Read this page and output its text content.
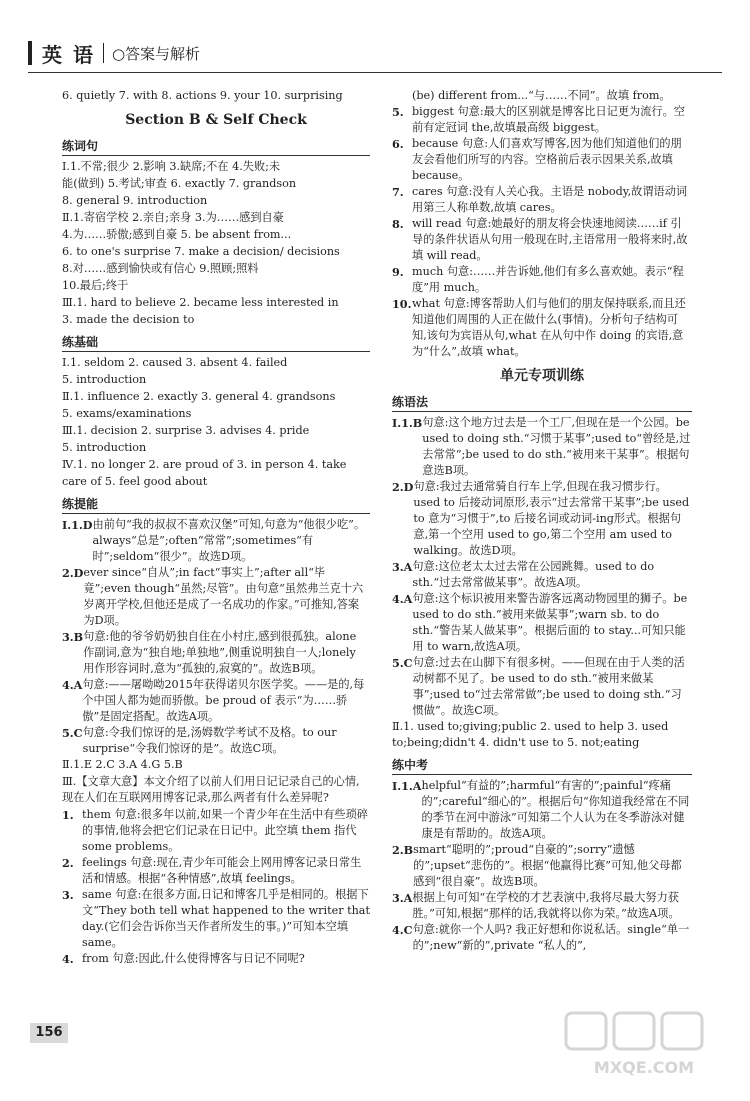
英 语 ○答案与解析

6. quietly 7. with 8. actions 9. your 10. surprising

Section B & Self Check
练词句

Ⅰ.1.不常;很少 2.影响 3.缺席;不在 4.失败;未

能(做到) 5.考试;审查 6. exactly 7. grandson

8. general 9. introduction

Ⅱ.1.寄宿学校 2.亲自;亲身 3.为……感到自豪

4.为……骄傲;感到自豪 5. be absent from...

6. to one's surprise 7. make a decision/ decisions

8.对……感到愉快或有信心 9.照顾;照料

10.最后;终于

Ⅲ.1. hard to believe 2. became less interested in

3. made the decision to

练基础

Ⅰ.1. seldom 2. caused 3. absent 4. failed

5. introduction

Ⅱ.1. influence 2. exactly 3. general 4. grandsons

5. exams/examinations

Ⅲ.1. decision 2. surprise 3. advises 4. pride

5. introduction

Ⅳ.1. no longer 2. are proud of 3. in person 4. take

care of 5. feel good about

练提能
Ⅰ.1.D 由前句“我的叔叔不喜欢汉堡”可知,句意为“他很少吃”。always“总是”;often“常常”;sometimes“有时”;seldom“很少”。故选D项。
2.D ever since“自从”;in fact“事实上”;after all“毕竟”;even though“虽然;尽管”。由句意“虽然弗兰克十六岁离开学校,但他还是成了一名成功的作家。”可推知,答案为D项。
3.B 句意:他的爷爷奶奶独自住在小村庄,感到很孤独。alone 作副词,意为“独自地;单独地”,侧重说明独自一人;lonely 用作形容词时,意为“孤独的,寂寞的”。故选B项。
4.A 句意:——屠呦呦2015年获得诺贝尔医学奖。——是的,每个中国人都为她而骄傲。be proud of 表示“为……骄傲”是固定搭配。故选A项。
5.C 句意:令我们惊讶的是,汤姆数学考试不及格。to our surprise“令我们惊讶的是”。故选C项。

Ⅱ.1.E 2.C 3.A 4.G 5.B

Ⅲ.【文章大意】本文介绍了以前人们用日记记录自己的心情,现在人们在互联网用博客记录,那么两者有什么差异呢?

1. them 句意:很多年以前,如果一个青少年在生活中有些琐碎的事情,他将会把它们记录在日记中。此空填 them 指代 some problems。
2. feelings 句意:现在,青少年可能会上网用博客记录日常生活和情感。根据“各种情感”,故填 feelings。
3. same 句意:在很多方面,日记和博客几乎是相同的。根据下文“They both tell what happened to the writer that day.(它们会告诉你当天作者所发生的事。)”可知本空填 same。
4. from 句意:因此,什么使得博客与日记不同呢?
(be) different from...“与……不同”。故填 from。
5. biggest 句意:最大的区别就是博客比日记更为流行。空前有定冠词 the,故填最高级 biggest。
6. because 句意:人们喜欢写博客,因为他们知道他们的朋友会看他们所写的内容。空格前后表示因果关系,故填 because。
7. cares 句意:没有人关心我。主语是 nobody,故谓语动词用第三人称单数,故填 cares。
8. will read 句意:她最好的朋友将会快速地阅读……if 引导的条件状语从句用一般现在时,主语常用一般将来时,故填 will read。
9. much 句意:……并告诉她,他们有多么喜欢她。表示“程度”用 much。
10. what 句意:博客帮助人们与他们的朋友保持联系,而且还知道他们周围的人正在做什么(事情)。分析句子结构可知,该句为宾语从句,what 在从句中作 doing 的宾语,意为“什么”,故填 what。
单元专项训练
练语法
Ⅰ.1.B 句意:这个地方过去是一个工厂,但现在是一个公园。be used to doing sth.“习惯于某事”;used to“曾经是,过去常常”;be used to do sth.“被用来干某事”。根据句意选B项。
2.D 句意:我过去通常骑自行车上学,但现在我习惯步行。used to 后接动词原形,表示“过去常常干某事”;be used to 意为“习惯于”,to 后接名词或动词-ing形式。根据句意,第一个空用 used to go,第二个空用 am used to walking。故选D项。
3.A 句意:这位老太太过去常在公园跳舞。used to do sth.“过去常常做某事”。故选A项。
4.A 句意:这个标识被用来警告游客远离动物园里的狮子。be used to do sth.“被用来做某事”;warn sb. to do sth.“警告某人做某事”。根据后面的 to stay...可知只能用 to warn,故选A项。
5.C 句意:过去在山脚下有很多树。——但现在由于人类的活动树都不见了。be used to do sth.“被用来做某事”;used to“过去常常做”;be used to doing sth.“习惯做”。故选C项。

Ⅱ.1. used to;giving;public 2. used to help 3. used to;being;didn't 4. didn't use to 5. not;eating

练中考
Ⅰ.1.A helpful“有益的”;harmful“有害的”;painful“疼痛的”;careful“细心的”。根据后句“你知道我经常在不同的季节在河中游泳”可知第二个人认为在冬季游泳对健康是有帮助的。故选A项。
2.B smart“聪明的”;proud“自豪的”;sorry“遗憾的”;upset“悲伤的”。根据“他赢得比赛”可知,他父母都感到“很自豪”。故选B项。
3.A 根据上句可知“在学校的才艺表演中,我将尽最大努力获胜。”可知,根据“那样的话,我就将以你为荣。”故选A项。
4.C 句意:就你一个人吗? 我正好想和你说私话。single“单一的”;new“新的”,private “私人的”,
156
MXQE.COM
